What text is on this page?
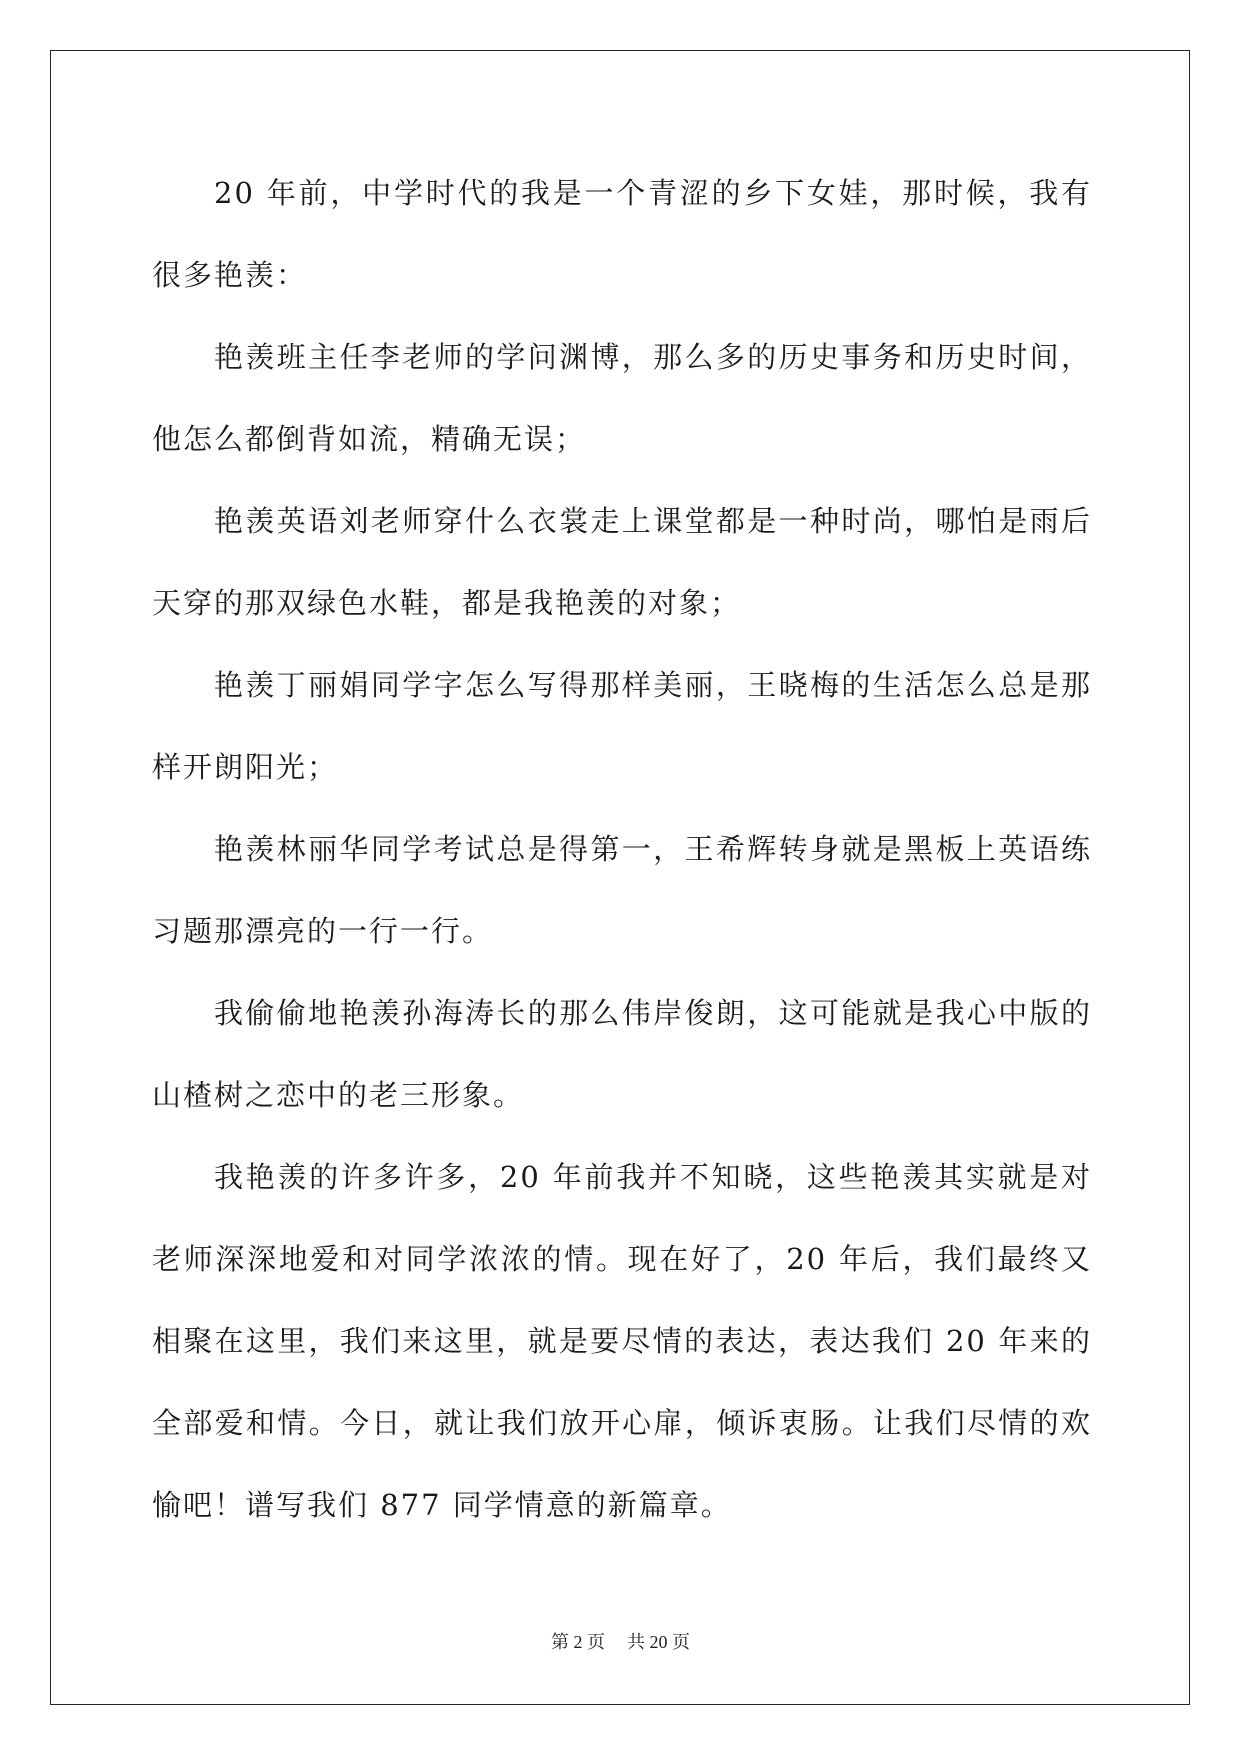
20 年前，中学时代的我是一个青涩的乡下女娃，那时候，我有很多艳羡：

艳羡班主任李老师的学问渊博，那么多的历史事务和历史时间，他怎么都倒背如流，精确无误；

艳羡英语刘老师穿什么衣裳走上课堂都是一种时尚，哪怕是雨后天穿的那双绿色水鞋，都是我艳羡的对象；

艳羡丁丽娟同学字怎么写得那样美丽，王晓梅的生活怎么总是那样开朗阳光；

艳羡林丽华同学考试总是得第一，王希辉转身就是黑板上英语练习题那漂亮的一行一行。

我偷偷地艳羡孙海涛长的那么伟岸俊朗，这可能就是我心中版的山楂树之恋中的老三形象。

我艳羡的许多许多，20 年前我并不知晓，这些艳羡其实就是对老师深深地爱和对同学浓浓的情。现在好了，20 年后，我们最终又相聚在这里，我们来这里，就是要尽情的表达，表达我们 20 年来的全部爱和情。今日，就让我们放开心扉，倾诉衷肠。让我们尽情的欢愉吧！谱写我们 877 同学情意的新篇章。

第 2 页 共 20 页
